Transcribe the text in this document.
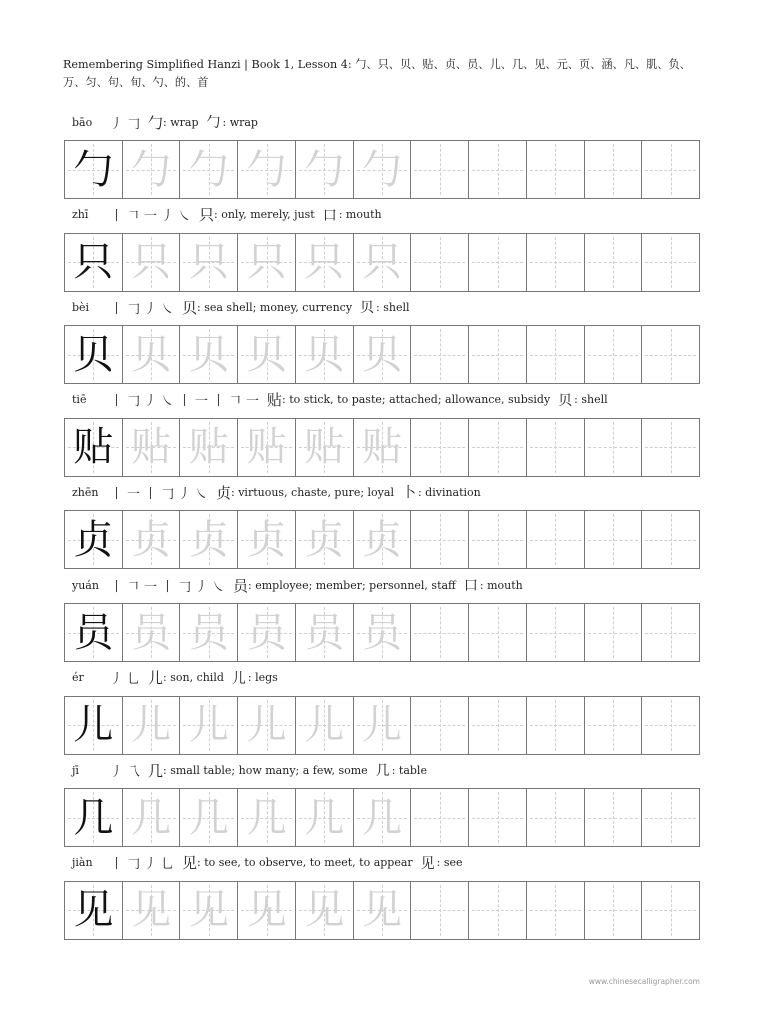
Remembering Simplified Hanzi | Book 1, Lesson 4: 勹、只、贝、贴、贞、员、儿、几、见、元、页、涵、凡、肌、负、万、匀、句、旬、勺、的、首
bāo	丿 𠃌 勹 : wrap 勹 : wrap
勹 勹 勹 勹 勹 勹
zhī	丨 𠃍 一 丿 ㇏ 只 : only, merely, just 口 : mouth
只 只 只 只 只 只
bèi	丨 𠃌 丿 ㇏ 贝 : sea shell; money, currency 贝 : shell
贝 贝 贝 贝 贝 贝
tiē	丨 𠃌 丿 ㇏ 丨 一 丨 𠃍 一 贴 : to stick, to paste; attached; allowance, subsidy 贝 : shell
贴 贴 贴 贴 贴 贴
zhēn 丨 一 丨 𠃌 丿 ㇏ 贞 : virtuous, chaste, pure; loyal 卜 : divination
贞 贞 贞 贞 贞 贞
yuán 丨 𠃍 一 丨 𠃌 丿 ㇏ 员 : employee; member; personnel, staff 口 : mouth
员 员 员 员 员 员
ér	丿 乚 儿 : son, child 儿 : legs
儿 儿 儿 儿 儿 儿
jī	丿 乁 几 : small table; how many; a few, some 几 : table
几 几 几 几 几 几
jiàn	丨 𠃌 丿 乚 见 : to see, to observe, to meet, to appear 见 : see
见 见 见 见 见 见
www.chinesecalligrapher.com
